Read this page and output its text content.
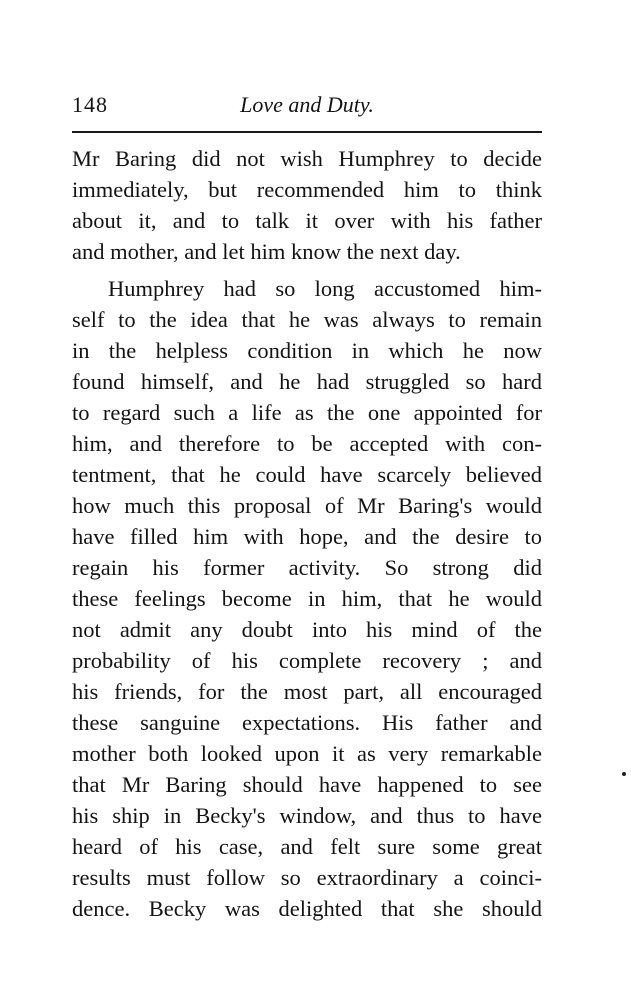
148	Love and Duty.
Mr Baring did not wish Humphrey to decide
immediately, but recommended him to think
about it, and to talk it over with his father
and mother, and let him know the next day.
Humphrey had so long accustomed him-
self to the idea that he was always to remain
in the helpless condition in which he now
found himself, and he had struggled so hard
to regard such a life as the one appointed for
him, and therefore to be accepted with con-
tentment, that he could have scarcely believed
how much this proposal of Mr Baring's would
have filled him with hope, and the desire to
regain his former activity. So strong did
these feelings become in him, that he would
not admit any doubt into his mind of the
probability of his complete recovery ; and
his friends, for the most part, all encouraged
these sanguine expectations. His father and
mother both looked upon it as very remarkable
that Mr Baring should have happened to see
his ship in Becky's window, and thus to have
heard of his case, and felt sure some great
results must follow so extraordinary a coinci-
dence. Becky was delighted that she should
